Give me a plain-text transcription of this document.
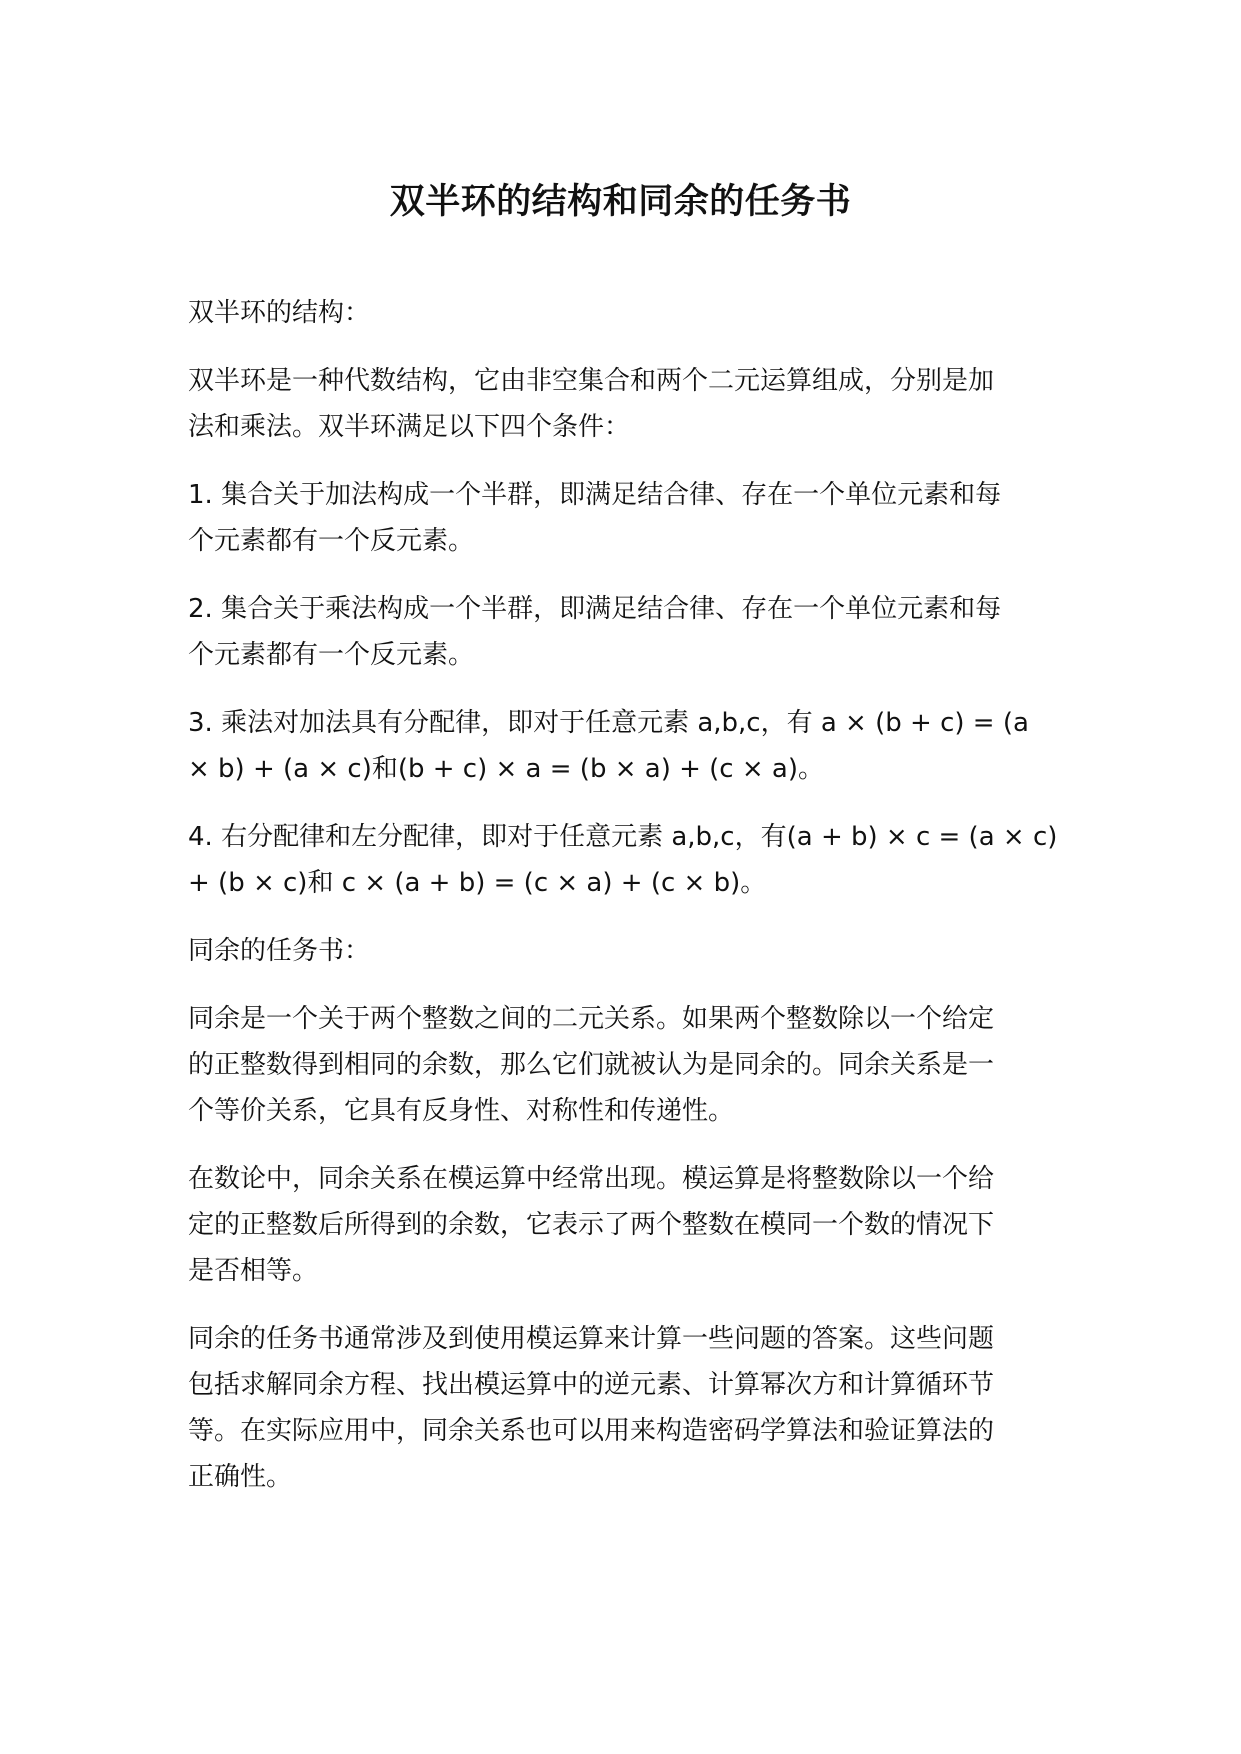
双半环的结构和同余的任务书

双半环的结构：

双半环是一种代数结构，它由非空集合和两个二元运算组成，分别是加
法和乘法。双半环满足以下四个条件：

1. 集合关于加法构成一个半群，即满足结合律、存在一个单位元素和每
个元素都有一个反元素。

2. 集合关于乘法构成一个半群，即满足结合律、存在一个单位元素和每
个元素都有一个反元素。

3. 乘法对加法具有分配律，即对于任意元素 a,b,c，有 a × (b + c) = (a
× b) + (a × c)和(b + c) × a = (b × a) + (c × a)。

4. 右分配律和左分配律，即对于任意元素 a,b,c，有(a + b) × c = (a × c)
+ (b × c)和 c × (a + b) = (c × a) + (c × b)。

同余的任务书：

同余是一个关于两个整数之间的二元关系。如果两个整数除以一个给定
的正整数得到相同的余数，那么它们就被认为是同余的。同余关系是一
个等价关系，它具有反身性、对称性和传递性。

在数论中，同余关系在模运算中经常出现。模运算是将整数除以一个给
定的正整数后所得到的余数，它表示了两个整数在模同一个数的情况下
是否相等。

同余的任务书通常涉及到使用模运算来计算一些问题的答案。这些问题
包括求解同余方程、找出模运算中的逆元素、计算幂次方和计算循环节
等。在实际应用中，同余关系也可以用来构造密码学算法和验证算法的
正确性。
